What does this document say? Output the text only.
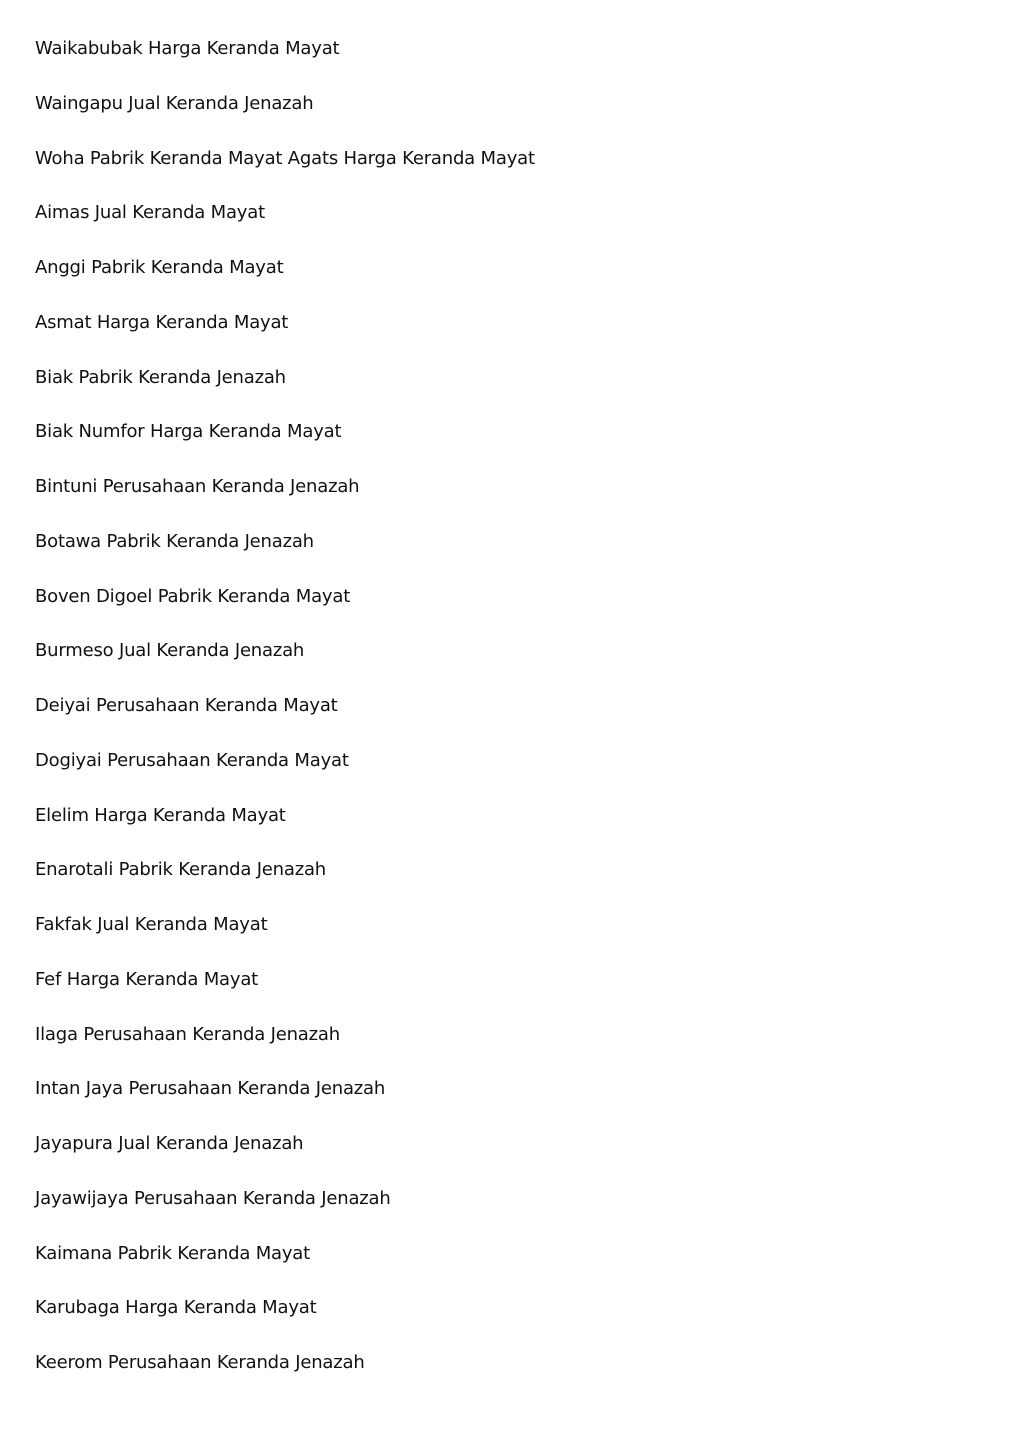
Waikabubak Harga Keranda Mayat
Waingapu Jual Keranda Jenazah
Woha Pabrik Keranda Mayat Agats Harga Keranda Mayat
Aimas Jual Keranda Mayat
Anggi Pabrik Keranda Mayat
Asmat Harga Keranda Mayat
Biak Pabrik Keranda Jenazah
Biak Numfor Harga Keranda Mayat
Bintuni Perusahaan Keranda Jenazah
Botawa Pabrik Keranda Jenazah
Boven Digoel Pabrik Keranda Mayat
Burmeso Jual Keranda Jenazah
Deiyai Perusahaan Keranda Mayat
Dogiyai Perusahaan Keranda Mayat
Elelim Harga Keranda Mayat
Enarotali Pabrik Keranda Jenazah
Fakfak Jual Keranda Mayat
Fef Harga Keranda Mayat
Ilaga Perusahaan Keranda Jenazah
Intan Jaya Perusahaan Keranda Jenazah
Jayapura Jual Keranda Jenazah
Jayawijaya Perusahaan Keranda Jenazah
Kaimana Pabrik Keranda Mayat
Karubaga Harga Keranda Mayat
Keerom Perusahaan Keranda Jenazah
